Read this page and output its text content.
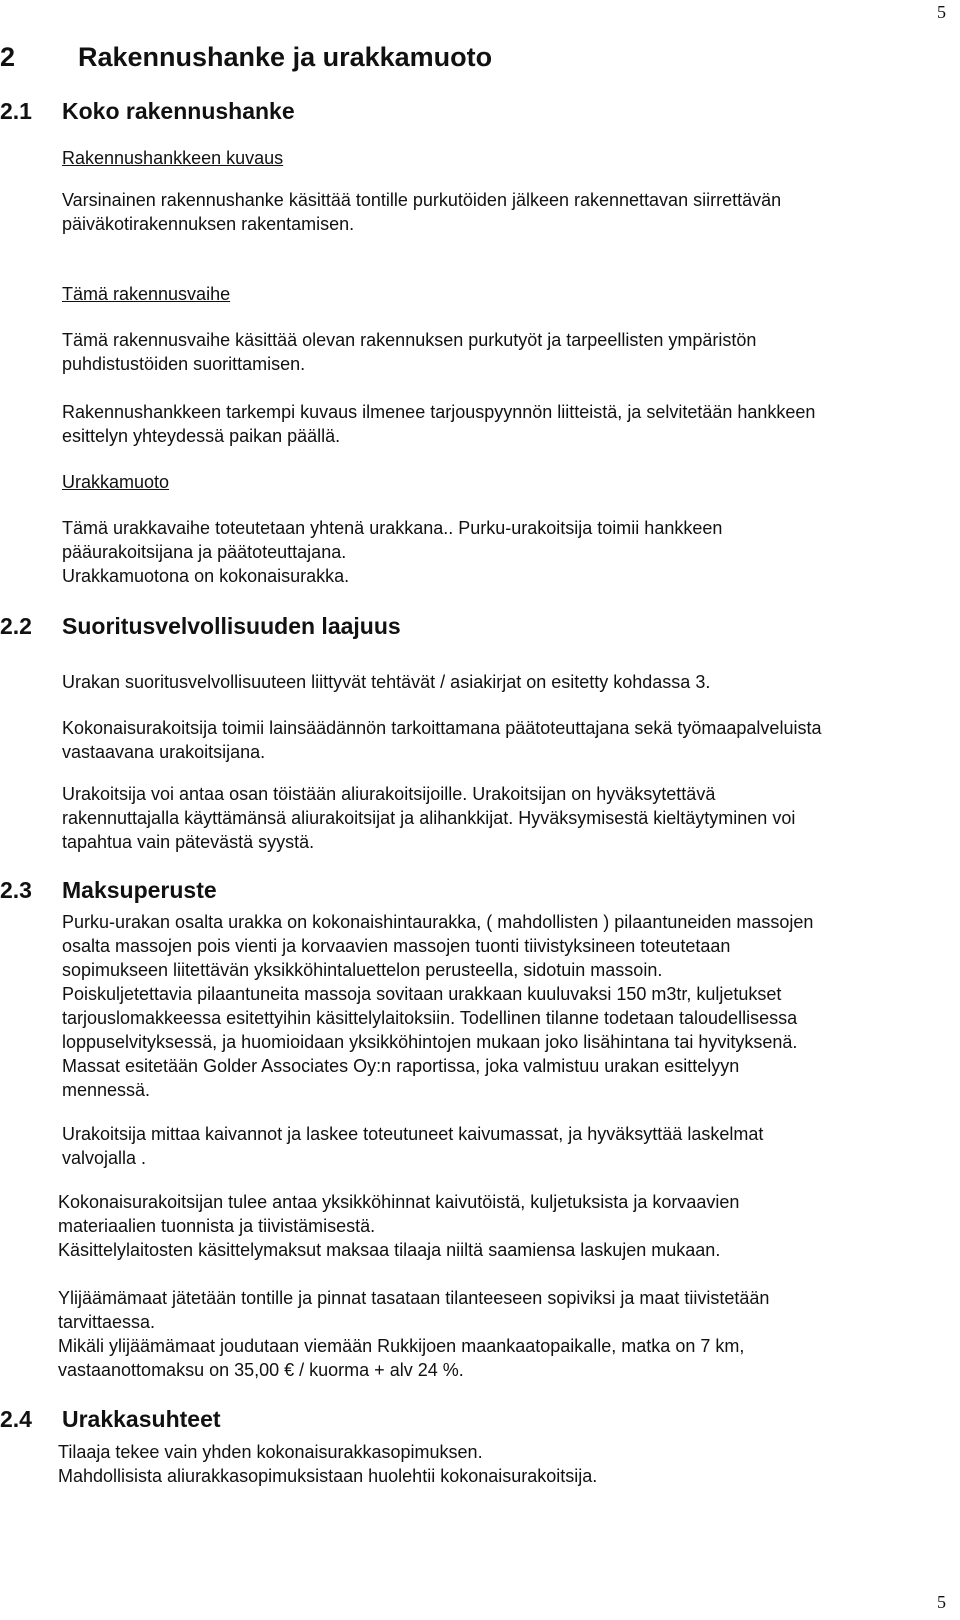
5
2 Rakennushanke ja urakkamuoto
2.1 Koko rakennushanke
Rakennushankkeen kuvaus
Varsinainen rakennushanke käsittää tontille purkutöiden jälkeen rakennettavan siirrettävän
päiväkotirakennuksen rakentamisen.
Tämä rakennusvaihe
Tämä rakennusvaihe käsittää olevan rakennuksen purkutyöt ja tarpeellisten ympäristön
puhdistustöiden suorittamisen.
Rakennushankkeen tarkempi kuvaus ilmenee tarjouspyynnön liitteistä, ja selvitetään hankkeen
esittelyn yhteydessä paikan päällä.
Urakkamuoto
Tämä urakkavaihe toteutetaan yhtenä urakkana.. Purku-urakoitsija toimii hankkeen
pääurakoitsijana ja päätoteuttajana.
Urakkamuotona on kokonaisurakka.
2.2 Suoritusvelvollisuuden laajuus
Urakan suoritusvelvollisuuteen liittyvät tehtävät / asiakirjat on esitetty kohdassa 3.
Kokonaisurakoitsija toimii lainsäädännön tarkoittamana päätoteuttajana sekä työmaapalveluista
vastaavana urakoitsijana.
Urakoitsija voi antaa osan töistään aliurakoitsijoille. Urakoitsijan on hyväksytettävä
rakennuttajalla käyttämänsä aliurakoitsijat ja alihankkijat. Hyväksymisestä kieltäytyminen voi
tapahtua vain pätevästä syystä.
2.3 Maksuperuste
Purku-urakan osalta urakka on kokonaishintaurakka, ( mahdollisten ) pilaantuneiden massojen
osalta massojen pois vienti ja korvaavien massojen tuonti tiivistyksineen toteutetaan
sopimukseen liitettävän yksikköhintaluettelon perusteella, sidotuin massoin.
Poiskuljetettavia pilaantuneita massoja sovitaan urakkaan kuuluvaksi 150 m3tr, kuljetukset
tarjouslomakkeessa esitettyihin käsittelylaitoksiin. Todellinen tilanne todetaan taloudellisessa
loppuselvityksessä, ja huomioidaan yksikköhintojen mukaan joko lisähintana tai hyvityksenä.
Massat esitetään Golder Associates Oy:n raportissa, joka valmistuu urakan esittelyyn
mennessä.
Urakoitsija mittaa kaivannot ja laskee toteutuneet kaivumassat, ja hyväksyttää laskelmat
valvojalla .
Kokonaisurakoitsijan tulee antaa yksikköhinnat kaivutöistä, kuljetuksista ja korvaavien
materiaalien tuonnista ja tiivistämisestä.
Käsittelylaitosten käsittelymaksut maksaa tilaaja niiltä saamiensa laskujen mukaan.
Ylijäämämaat jätetään tontille ja pinnat tasataan tilanteeseen sopiviksi ja maat tiivistetään
tarvittaessa.
Mikäli ylijäämämaat joudutaan viemään Rukkijoen maankaatopaikalle, matka on 7 km,
vastaanottomaksu on 35,00 € / kuorma + alv 24 %.
2.4 Urakkasuhteet
Tilaaja tekee vain yhden kokonaisurakkasopimuksen.
Mahdollisista aliurakkasopimuksistaan huolehtii kokonaisurakoitsija.
5
